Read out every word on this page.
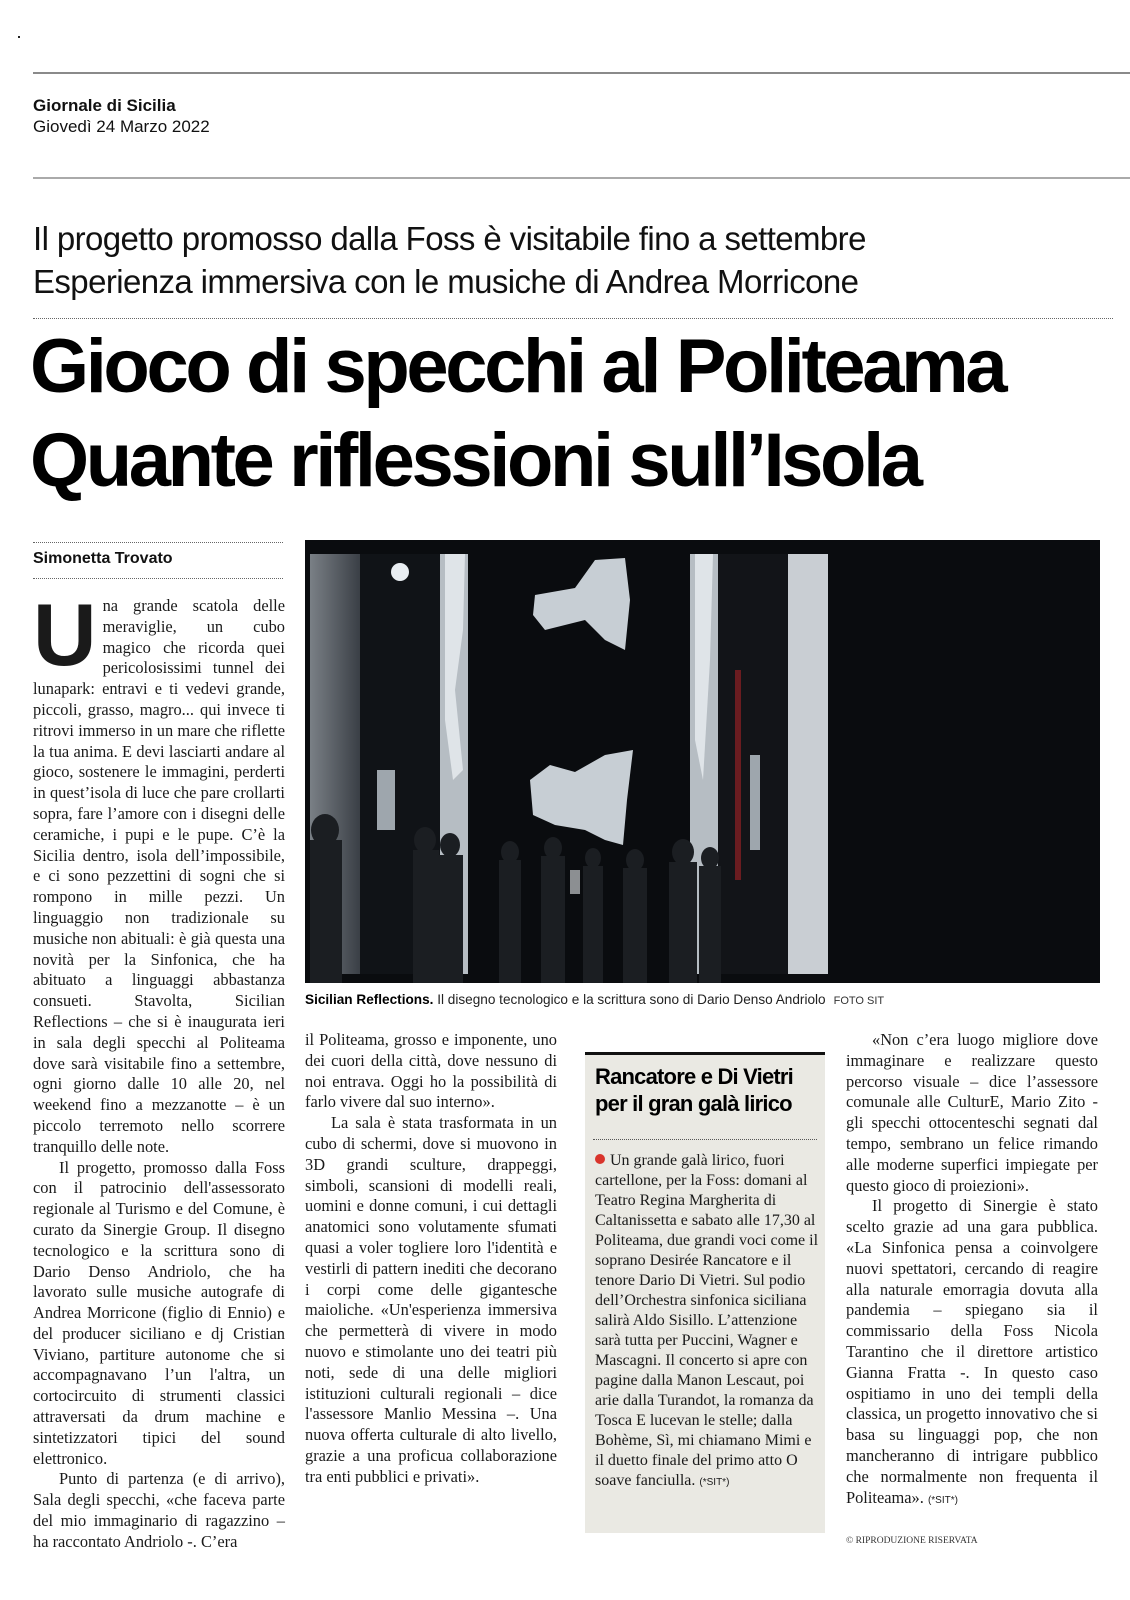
Giornale di Sicilia
Giovedì 24 Marzo 2022
Il progetto promosso dalla Foss è visitabile fino a settembre
Esperienza immersiva con le musiche di Andrea Morricone
Gioco di specchi al Politeama
Quante riflessioni sull’Isola
Simonetta Trovato

Una grande scatola delle meraviglie, un cubo magico che ricorda quei pericolosissimi tunnel dei lunapark: entravi e ti vedevi grande, piccoli, grasso, magro... qui invece ti ritrovi immerso in un mare che riflette la tua anima. E devi lasciarti andare al gioco, sostenere le immagini, perderti in quest’isola di luce che pare crollarti sopra, fare l’amore con i disegni delle ceramiche, i pupi e le pupe. C’è la Sicilia dentro, isola dell’impossibile, e ci sono pezzettini di sogni che si rompono in mille pezzi. Un linguaggio non tradizionale su musiche non abituali: è già questa una novità per la Sinfonica, che ha abituato a linguaggi abbastanza consueti. Stavolta, Sicilian Reflections – che si è inaugurata ieri in sala degli specchi al Politeama dove sarà visitabile fino a settembre, ogni giorno dalle 10 alle 20, nel weekend fino a mezzanotte – è un piccolo terremoto nello scorrere tranquillo delle note.

Il progetto, promosso dalla Foss con il patrocinio dell'assessorato regionale al Turismo e del Comune, è curato da Sinergie Group. Il disegno tecnologico e la scrittura sono di Dario Denso Andriolo, che ha lavorato sulle musiche autografe di Andrea Morricone (figlio di Ennio) e del producer siciliano e dj Cristian Viviano, partiture autonome che si accompagnavano l’un l'altra, un cortocircuito di strumenti classici attraversati da drum machine e sintetizzatori tipici del sound elettronico.

Punto di partenza (e di arrivo), Sala degli specchi, «che faceva parte del mio immaginario di ragazzino – ha raccontato Andriolo -. C’era

Sicilian Reflections. Il disegno tecnologico e la scrittura sono di Dario Denso Andriolo FOTO SIT

il Politeama, grosso e imponente, uno dei cuori della città, dove nessuno di noi entrava. Oggi ho la possibilità di farlo vivere dal suo interno».

La sala è stata trasformata in un cubo di schermi, dove si muovono in 3D grandi sculture, drappeggi, simboli, scansioni di modelli reali, uomini e donne comuni, i cui dettagli anatomici sono volutamente sfumati quasi a voler togliere loro l'identità e vestirli di pattern inediti che decorano i corpi come delle gigantesche maioliche. «Un'esperienza immersiva che permetterà di vivere in modo nuovo e stimolante uno dei teatri più noti, sede di una delle migliori istituzioni culturali regionali – dice l'assessore Manlio Messina –. Una nuova offerta culturale di alto livello, grazie a una proficua collaborazione tra enti pubblici e privati».

Rancatore e Di Vietri
per il gran galà lirico
Un grande galà lirico, fuori cartellone, per la Foss: domani al Teatro Regina Margherita di Caltanissetta e sabato alle 17,30 al Politeama, due grandi voci come il soprano Desirée Rancatore e il tenore Dario Di Vietri. Sul podio dell’Orchestra sinfonica siciliana salirà Aldo Sisillo. L’attenzione sarà tutta per Puccini, Wagner e Mascagni. Il concerto si apre con pagine dalla Manon Lescaut, poi arie dalla Turandot, la romanza da Tosca E lucevan le stelle; dalla Bohème, Sì, mi chiamano Mimi e il duetto finale del primo atto O soave fanciulla. (*SIT*)

«Non c’era luogo migliore dove immaginare e realizzare questo percorso visuale – dice l’assessore comunale alle CulturE, Mario Zito - gli specchi ottocenteschi segnati dal tempo, sembrano un felice rimando alle moderne superfici impiegate per questo gioco di proiezioni».

Il progetto di Sinergie è stato scelto grazie ad una gara pubblica. «La Sinfonica pensa a coinvolgere nuovi spettatori, cercando di reagire alla naturale emorragia dovuta alla pandemia – spiegano sia il commissario della Foss Nicola Tarantino che il direttore artistico Gianna Fratta -. In questo caso ospitiamo in uno dei templi della classica, un progetto innovativo che si basa su linguaggi pop, che non mancheranno di intrigare pubblico che normalmente non frequenta il Politeama». (*SIT*)

© RIPRODUZIONE RISERVATA
